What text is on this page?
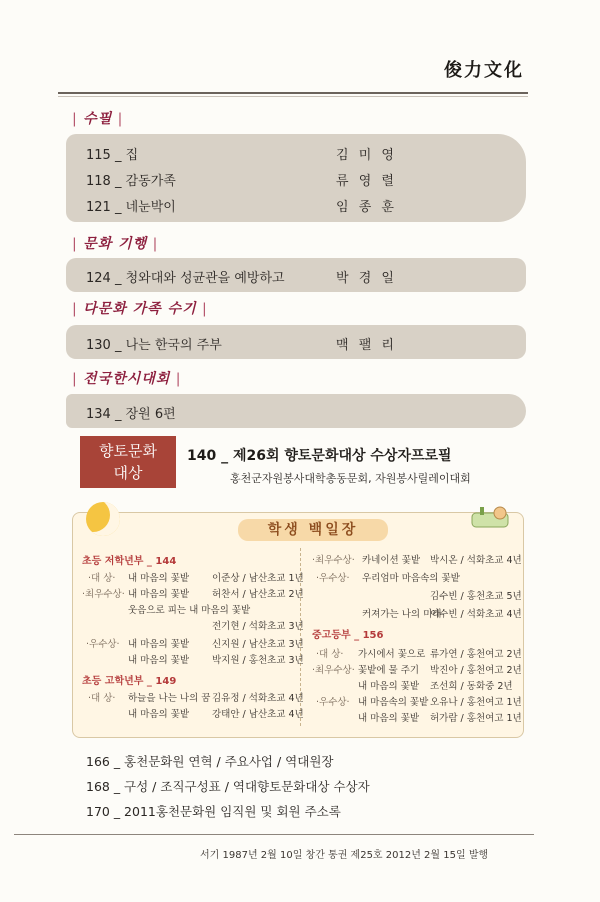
俊力文化
| 수필 |
115 _ 집	김 미 영
118 _ 감동가족	류 영 렬
121 _ 네눈박이	임 종 훈
| 문화 기행 |
124 _ 청와대와 성균관을 예방하고	박 경 일
| 다문화 가족 수기 |
130 _ 나는 한국의 주부	맥 팰 리
| 전국한시대회 |
134 _ 장원 6편
향토문화
대상
140 _ 제26회 향토문화대상 수상자프로필
홍천군자원봉사대학총동문회, 자원봉사릴레이대회
학생 백일장
초등 저학년부 _ 144
·대 상· 내 마음의 꽃밭 이준상 / 남산초교 1년
·최우수상· 내 마음의 꽃밭 허찬서 / 남산초교 2년
웃음으로 피는 내 마음의 꽃밭
전기현 / 석화초교 3년
·우수상· 내 마음의 꽃밭 신지원 / 남산초교 3년
내 마음의 꽃밭 박지원 / 홍천초교 3년
초등 고학년부 _ 149
·대 상· 하늘을 나는 나의 꿈 김유정 / 석화초교 4년
내 마음의 꽃밭 강태안 / 남산초교 4년
·최우수상· 카네이션 꽃밭 박시온 / 석화초교 4년
·우수상· 우리엄마 마음속의 꽃밭
김수빈 / 홍천초교 5년
커져가는 나의 미래
이수빈 / 석화초교 4년
중고등부 _ 156
·대 상· 가시에서 꽃으로 류가연 / 홍천여고 2년
·최우수상· 꽃밭에 물 주기 박진아 / 홍천여고 2년
내 마음의 꽃밭 조선희 / 동화중 2년
·우수상· 내 마음속의 꽃밭 오유나 / 홍천여고 1년
내 마음의 꽃밭 허가람 / 홍천여고 1년
166 _ 홍천문화원 연혁 / 주요사업 / 역대원장
168 _ 구성 / 조직구성표 / 역대향토문화대상 수상자
170 _ 2011홍천문화원 임직원 및 회원 주소록
서기 1987년 2월 10일 창간 통권 제25호 2012년 2월 15일 발행
